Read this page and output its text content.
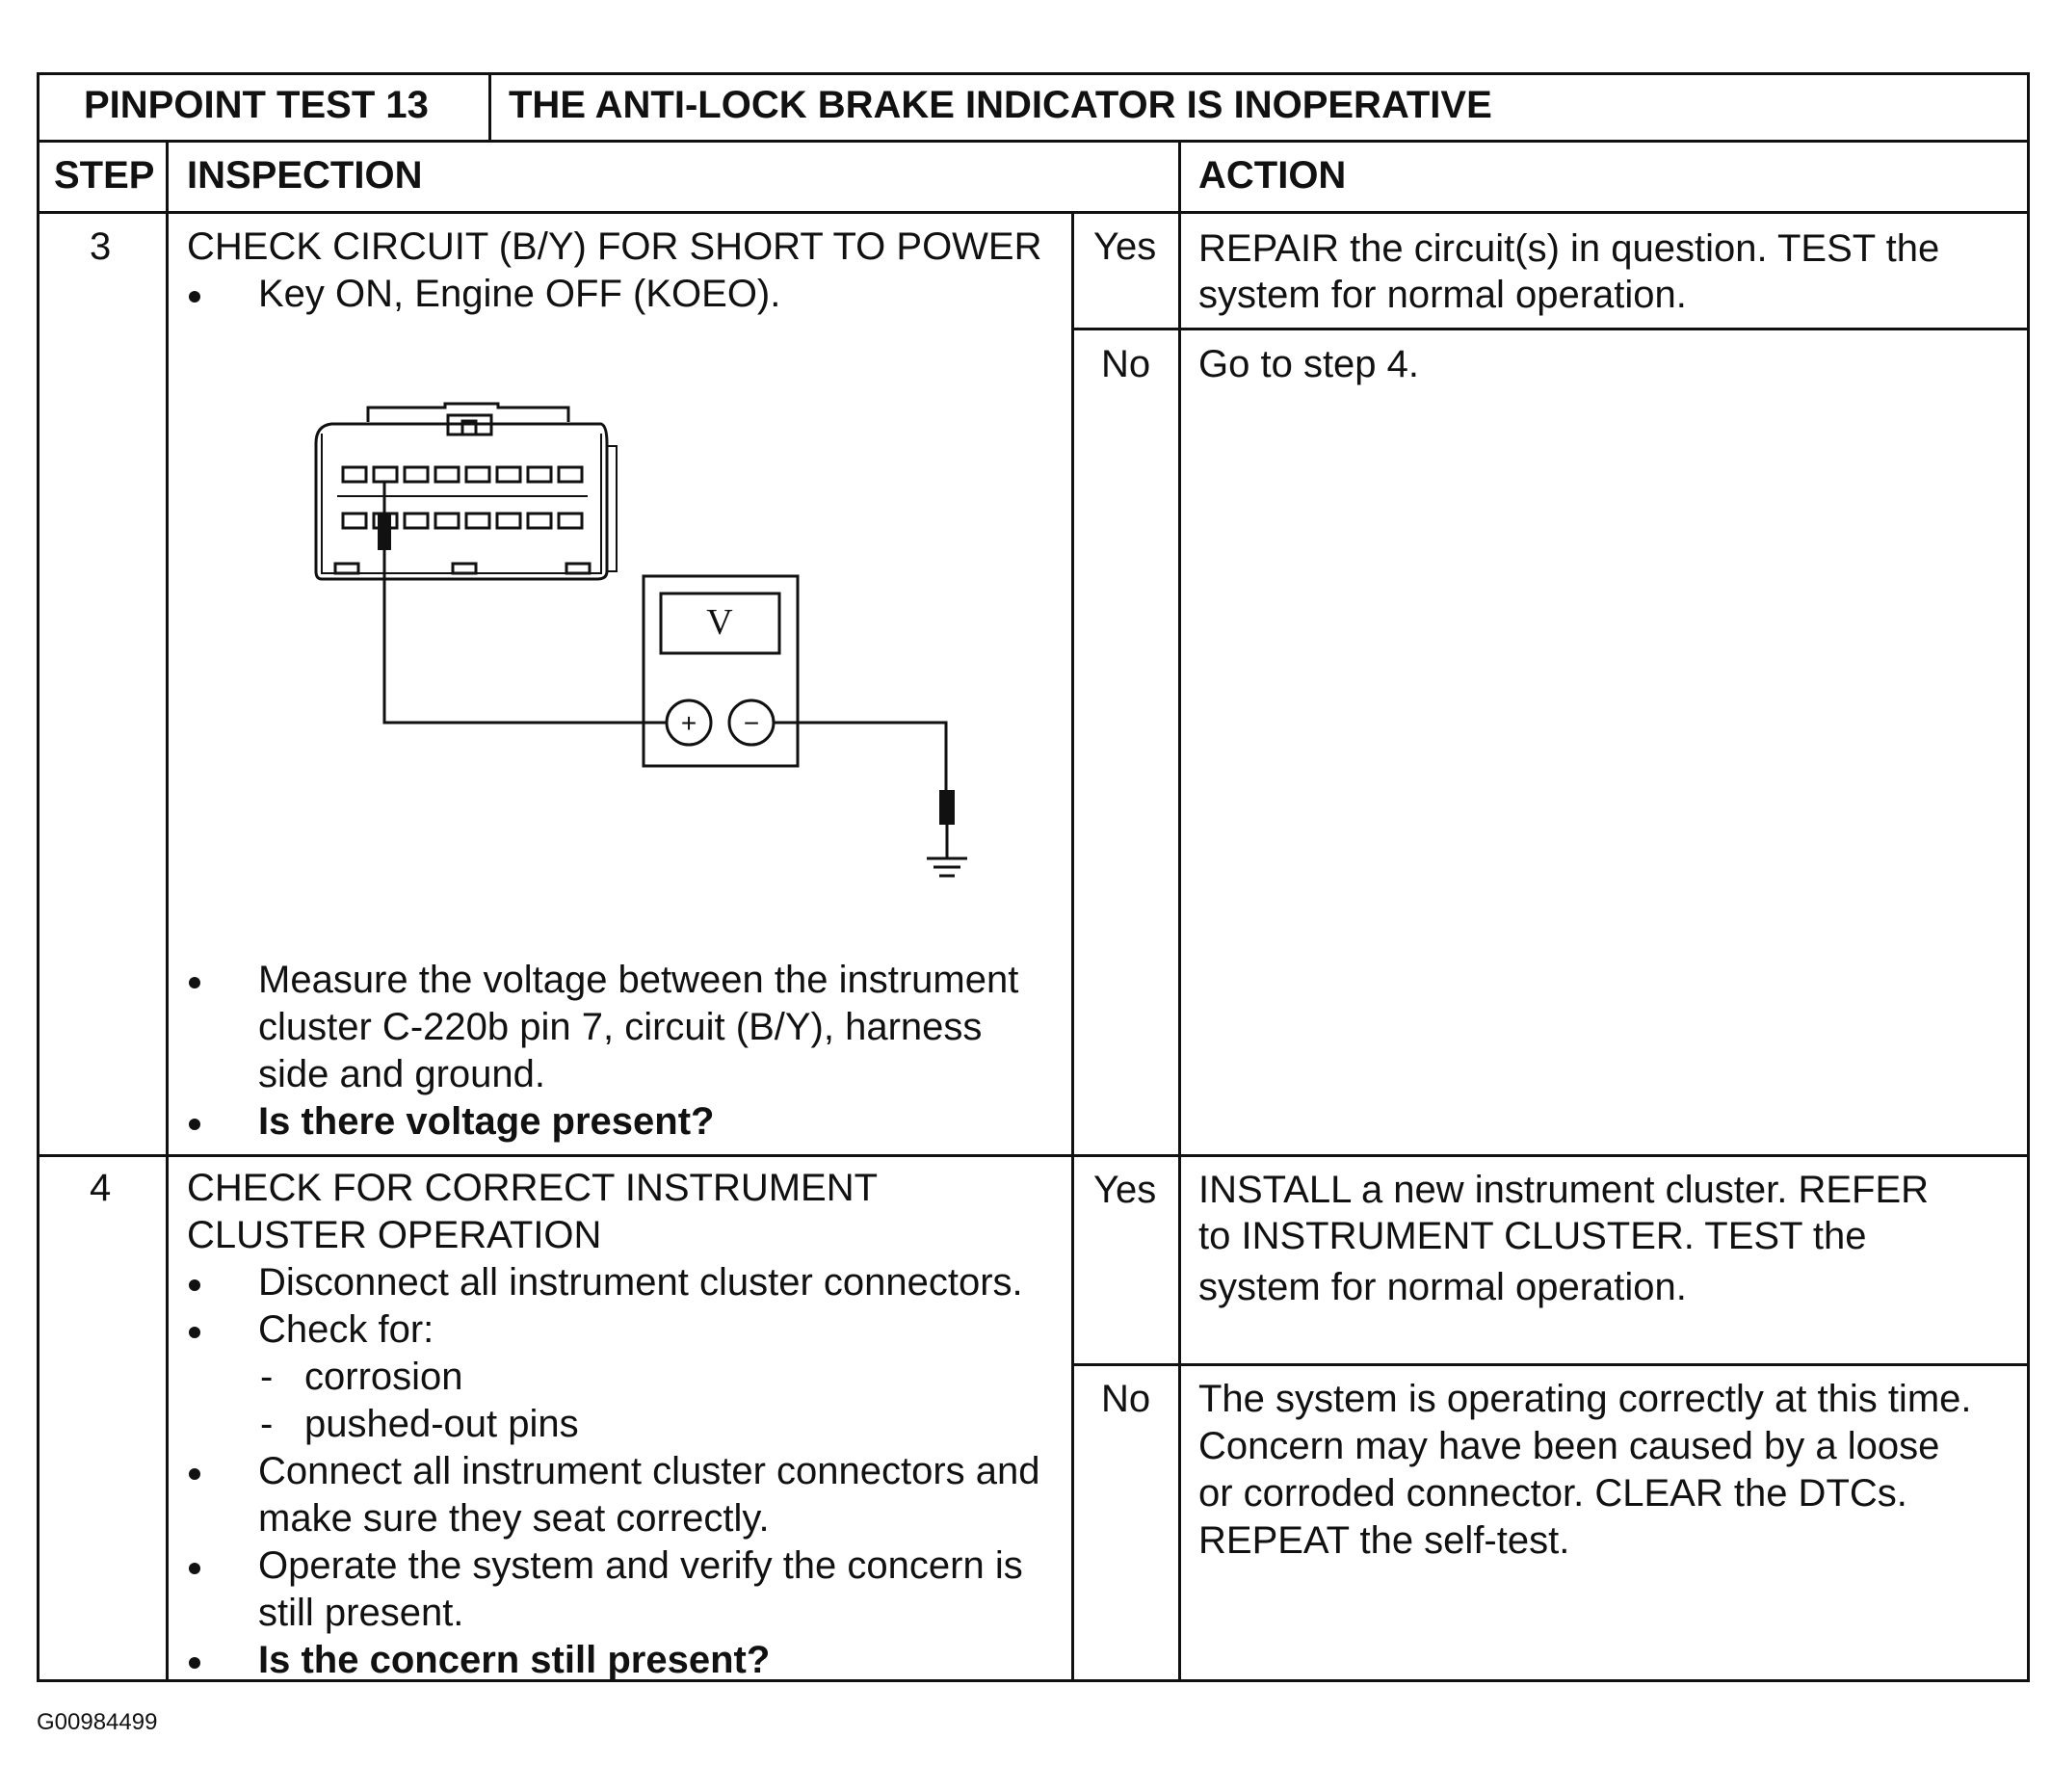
PINPOINT TEST 13 THE ANTI-LOCK BRAKE INDICATOR IS INOPERATIVE
STEP INSPECTION	ACTION
3 CHECK CIRCUIT (B/Y) FOR SHORT TO POWER
Key ON, Engine OFF (KOEO).
V
+ −
Measure the voltage between the instrument
cluster C-220b pin 7, circuit (B/Y), harness
side and ground.
Is there voltage present?
Yes REPAIR the circuit(s) in question. TEST the
system for normal operation.
No Go to step 4.
4 CHECK FOR CORRECT INSTRUMENT
CLUSTER OPERATION
Disconnect all instrument cluster connectors.
Check for:
- corrosion
- pushed-out pins
Connect all instrument cluster connectors and
make sure they seat correctly.
Operate the system and verify the concern is
still present.
Is the concern still present?
Yes INSTALL a new instrument cluster. REFER
to INSTRUMENT CLUSTER. TEST the
system for normal operation.
No The system is operating correctly at this time.
Concern may have been caused by a loose
or corroded connector. CLEAR the DTCs.
REPEAT the self-test.
G00984499
